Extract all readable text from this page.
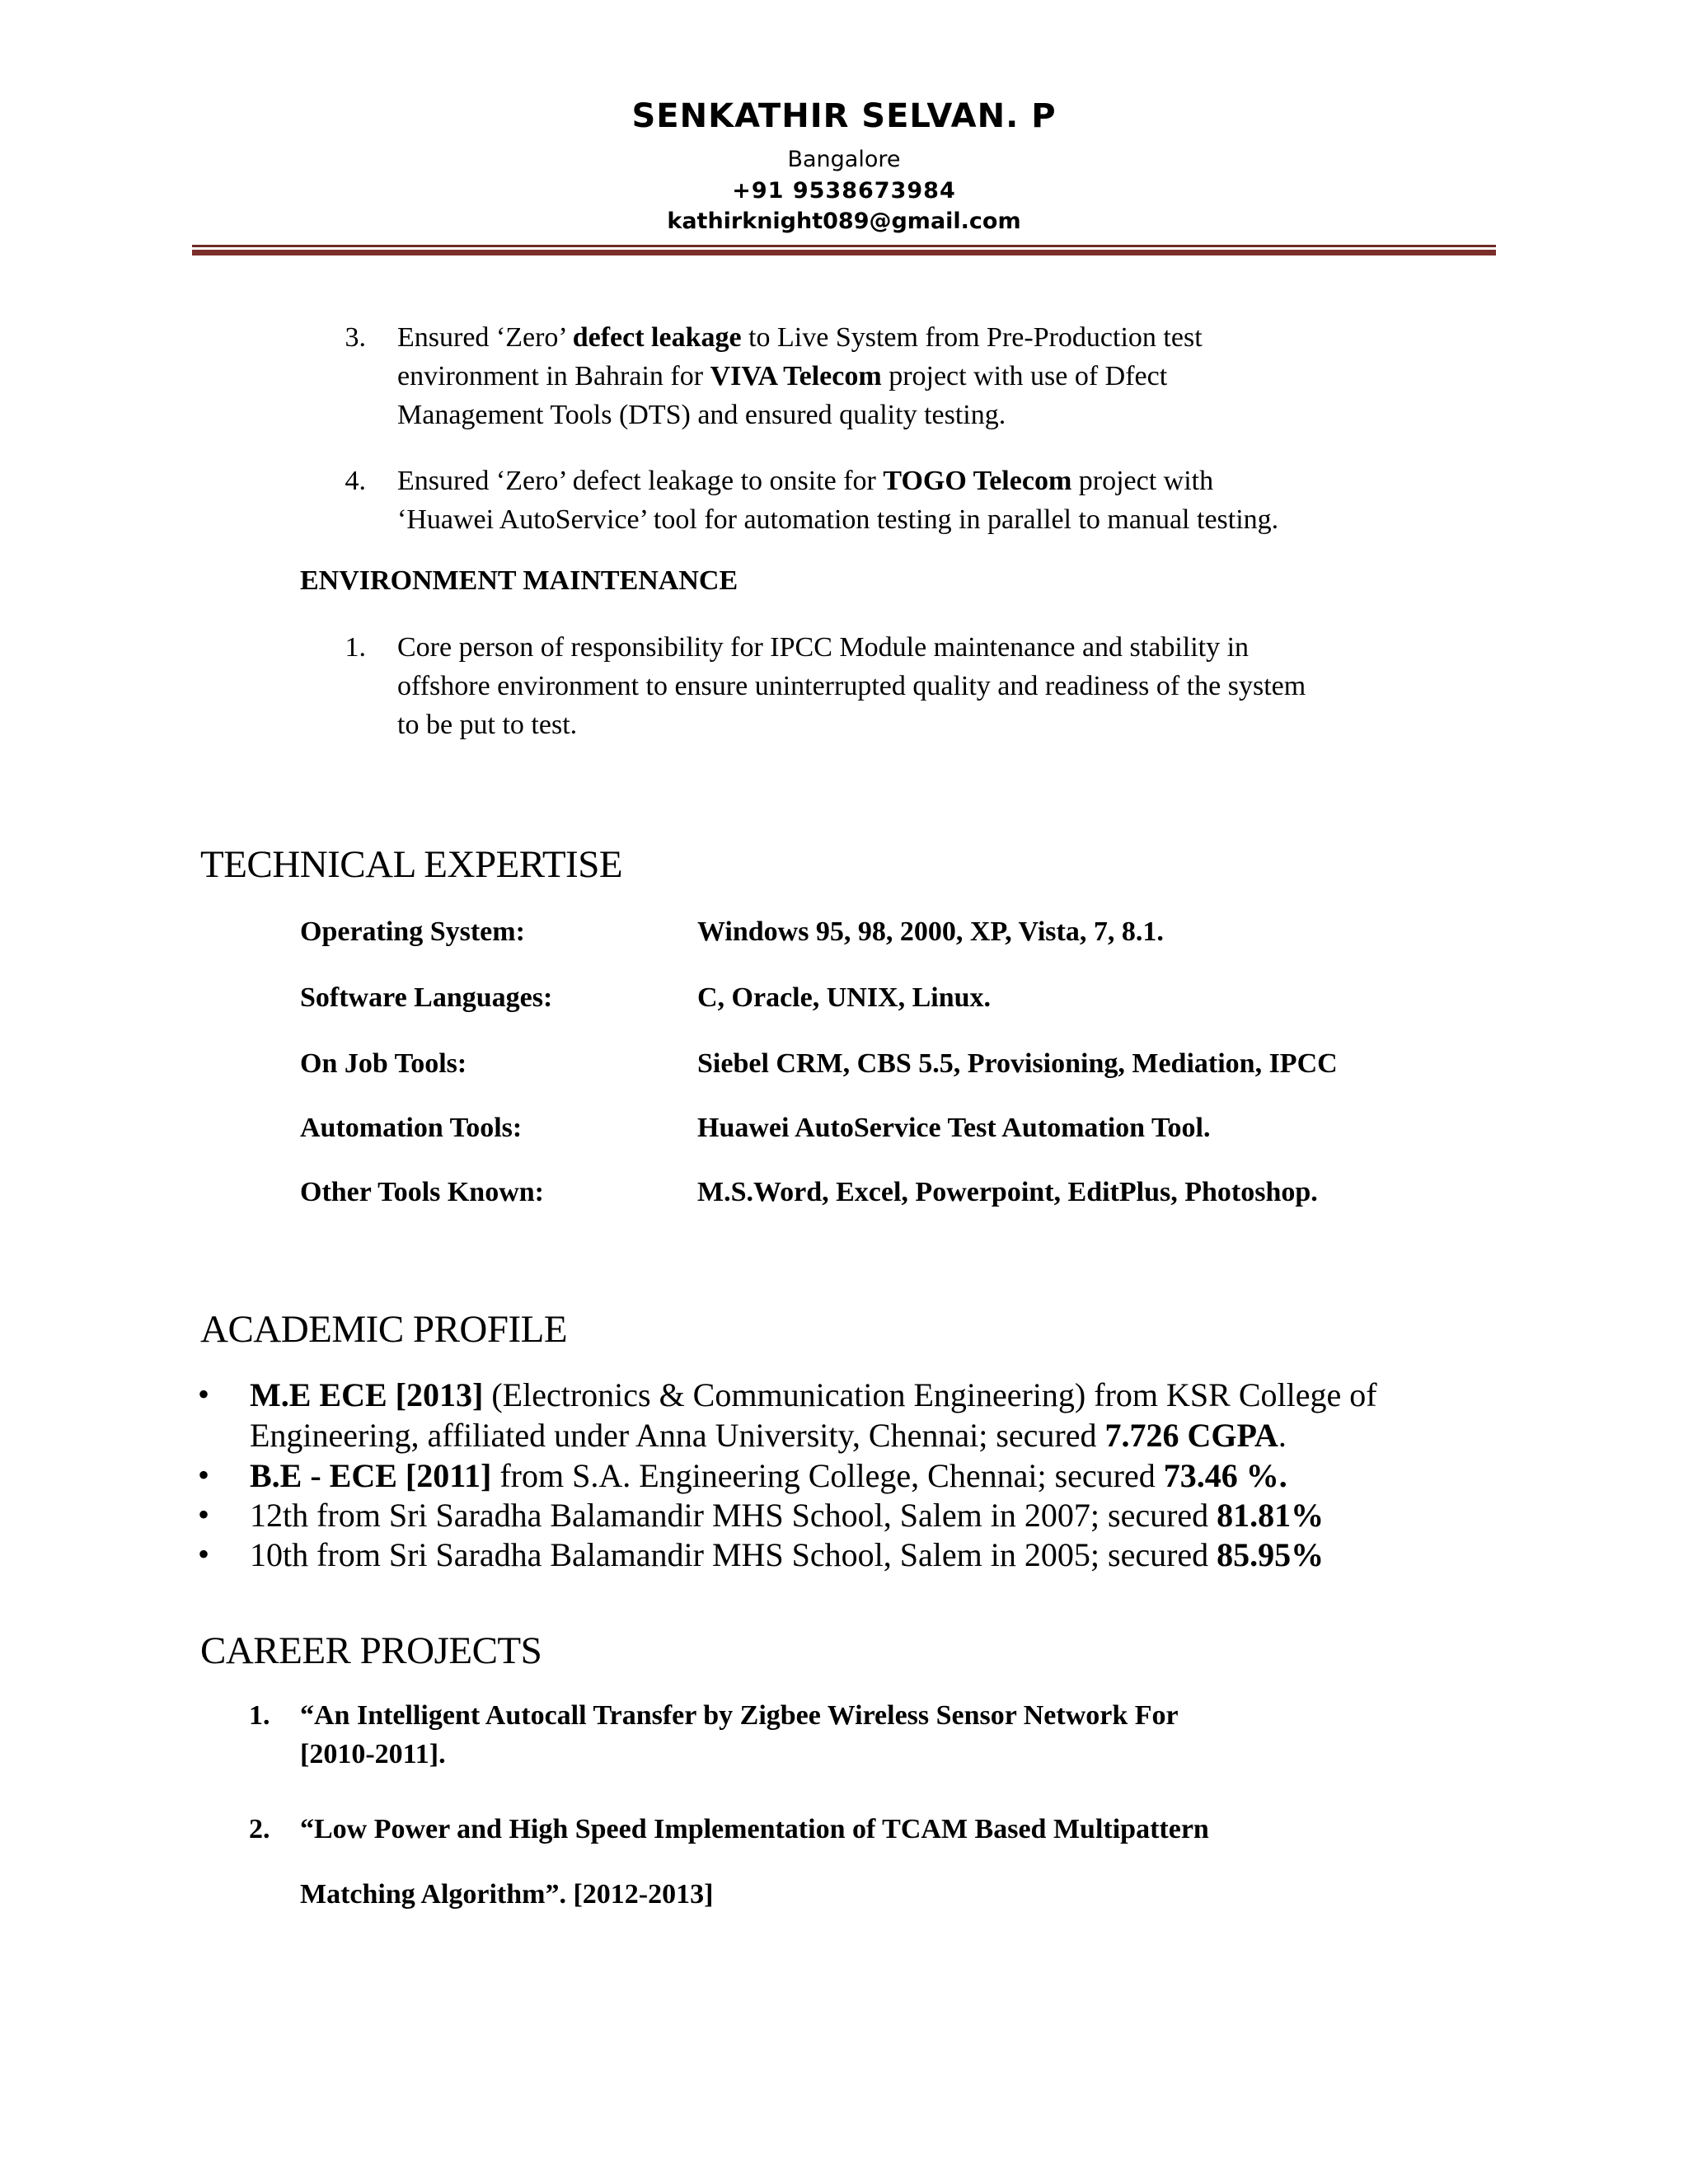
SENKATHIR SELVAN. P
Bangalore
+91 9538673984
kathirknight089@gmail.com
3. Ensured ‘Zero’ defect leakage to Live System from Pre-Production test
environment in Bahrain for VIVA Telecom project with use of Dfect
Management Tools (DTS) and ensured quality testing.
4. Ensured ‘Zero’ defect leakage to onsite for TOGO Telecom project with
‘Huawei AutoService’ tool for automation testing in parallel to manual testing.
ENVIRONMENT MAINTENANCE
1. Core person of responsibility for IPCC Module maintenance and stability in
offshore environment to ensure uninterrupted quality and readiness of the system
to be put to test.
TECHNICAL EXPERTISE
Operating System:	Windows 95, 98, 2000, XP, Vista, 7, 8.1.
Software Languages:	C, Oracle, UNIX, Linux.
On Job Tools:	Siebel CRM, CBS 5.5, Provisioning, Mediation, IPCC
Automation Tools:	Huawei AutoService Test Automation Tool.
Other Tools Known:	M.S.Word, Excel, Powerpoint, EditPlus, Photoshop.
ACADEMIC PROFILE
• M.E ECE [2013] (Electronics & Communication Engineering) from KSR College of
Engineering, affiliated under Anna University, Chennai; secured 7.726 CGPA.
• B.E - ECE [2011] from S.A. Engineering College, Chennai; secured 73.46 %.
• 12th from Sri Saradha Balamandir MHS School, Salem in 2007; secured 81.81%
• 10th from Sri Saradha Balamandir MHS School, Salem in 2005; secured 85.95%
CAREER PROJECTS
1. “An Intelligent Autocall Transfer by Zigbee Wireless Sensor Network For
[2010-2011].
2. “Low Power and High Speed Implementation of TCAM Based Multipattern
Matching Algorithm”. [2012-2013]
